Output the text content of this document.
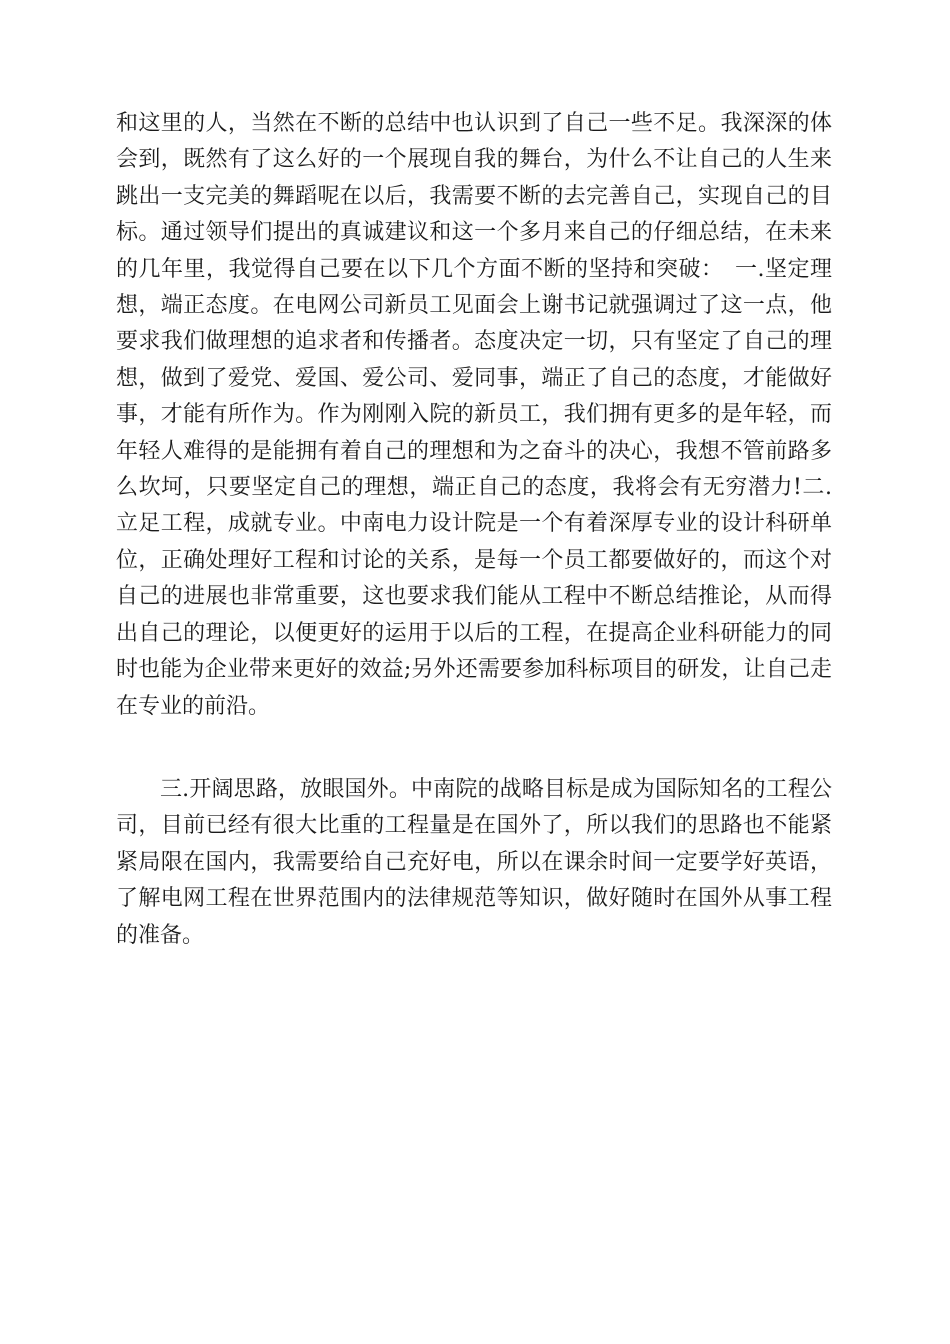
和这里的人，当然在不断的总结中也认识到了自己一些不足。我深深的体会到，既然有了这么好的一个展现自我的舞台，为什么不让自己的人生来跳出一支完美的舞蹈呢在以后，我需要不断的去完善自己，实现自己的目标。通过领导们提出的真诚建议和这一个多月来自己的仔细总结，在未来的几年里，我觉得自己要在以下几个方面不断的坚持和突破：　一.坚定理想，端正态度。在电网公司新员工见面会上谢书记就强调过了这一点，他要求我们做理想的追求者和传播者。态度决定一切，只有坚定了自己的理想，做到了爱党、爱国、爱公司、爱同事，端正了自己的态度，才能做好事，才能有所作为。作为刚刚入院的新员工，我们拥有更多的是年轻，而年轻人难得的是能拥有着自己的理想和为之奋斗的决心，我想不管前路多么坎坷，只要坚定自己的理想，端正自己的态度，我将会有无穷潜力!二.立足工程，成就专业。中南电力设计院是一个有着深厚专业的设计科研单位，正确处理好工程和讨论的关系，是每一个员工都要做好的，而这个对自己的进展也非常重要，这也要求我们能从工程中不断总结推论，从而得出自己的理论，以便更好的运用于以后的工程，在提高企业科研能力的同时也能为企业带来更好的效益;另外还需要参加科标项目的研发，让自己走在专业的前沿。

三.开阔思路，放眼国外。中南院的战略目标是成为国际知名的工程公司，目前已经有很大比重的工程量是在国外了，所以我们的思路也不能紧紧局限在国内，我需要给自己充好电，所以在课余时间一定要学好英语，了解电网工程在世界范围内的法律规范等知识，做好随时在国外从事工程的准备。
